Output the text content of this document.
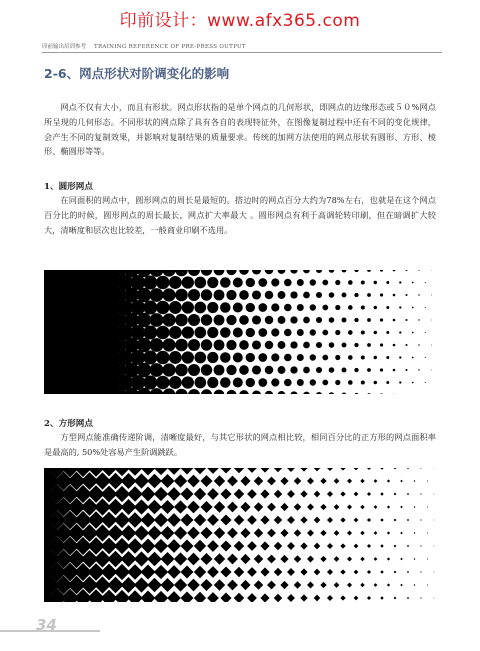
印前设计：www.afx365.com
印前输出培训参考 TRAINING REFERENCE OF PRE-PRESS OUTPUT
2-6、网点形状对阶调变化的影响
网点不仅有大小，而且有形状。网点形状指的是单个网点的几何形状，即网点的边缘形态或５０%网点所呈现的几何形态。不同形状的网点除了具有各自的表现特征外，在图像复制过程中还有不同的变化规律，会产生不同的复制效果，并影响对复制结果的质量要求。传统的加网方法使用的网点形状有圆形、方形、棱形、椭圆形等等。
1、圆形网点
在同面积的网点中，圆形网点的周长是最短的。搭边时的网点百分大约为78%左右，也就是在这个网点百分比的时候，圆形网点的周长最长，网点扩大率最大 。圆形网点有利于高调轮转印刷，但在暗调扩大较大，清晰度和层次也比较差，一般商业印刷不选用。
2、方形网点
方型网点能准确传递阶调，清晰度最好，与其它形状的网点相比较，相同百分比的正方形的网点面积率是最高的, 50%处容易产生阶调跳跃。
34
